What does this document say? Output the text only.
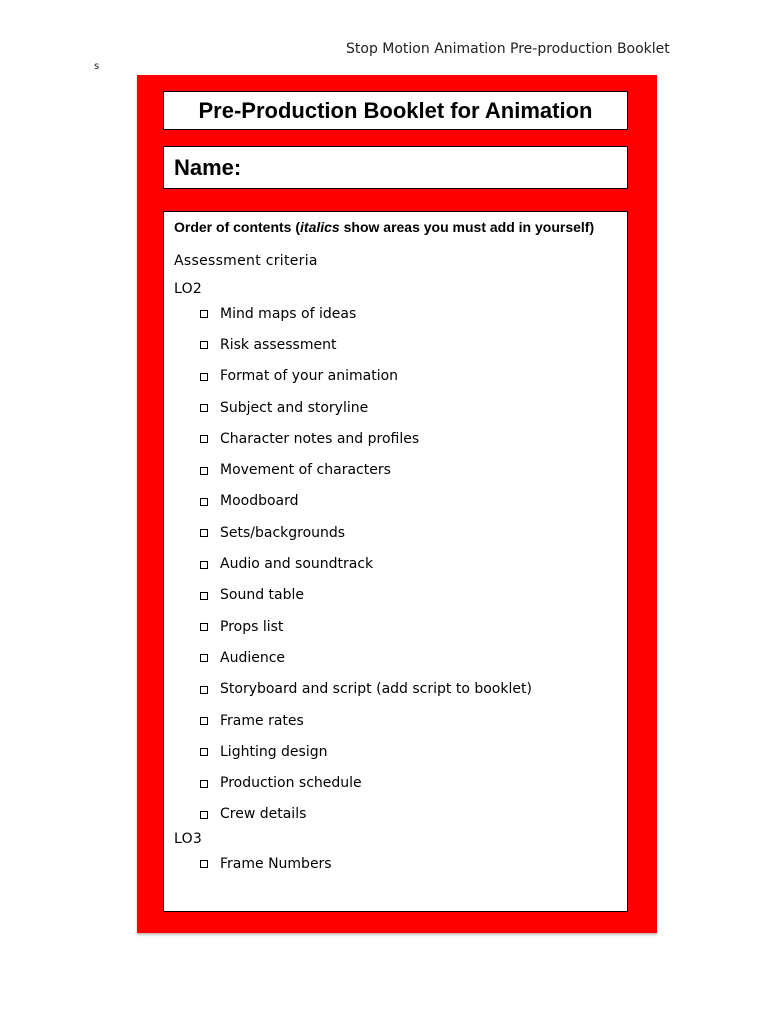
Stop Motion Animation Pre-production Booklet
s
Pre-Production Booklet for Animation
Name:
Order of contents (italics show areas you must add in yourself)
Assessment criteria
LO2
Mind maps of ideas
Risk assessment
Format of your animation
Subject and storyline
Character notes and profiles
Movement of characters
Moodboard
Sets/backgrounds
Audio and soundtrack
Sound table
Props list
Audience
Storyboard and script (add script to booklet)
Frame rates
Lighting design
Production schedule
Crew details
LO3
Frame Numbers
